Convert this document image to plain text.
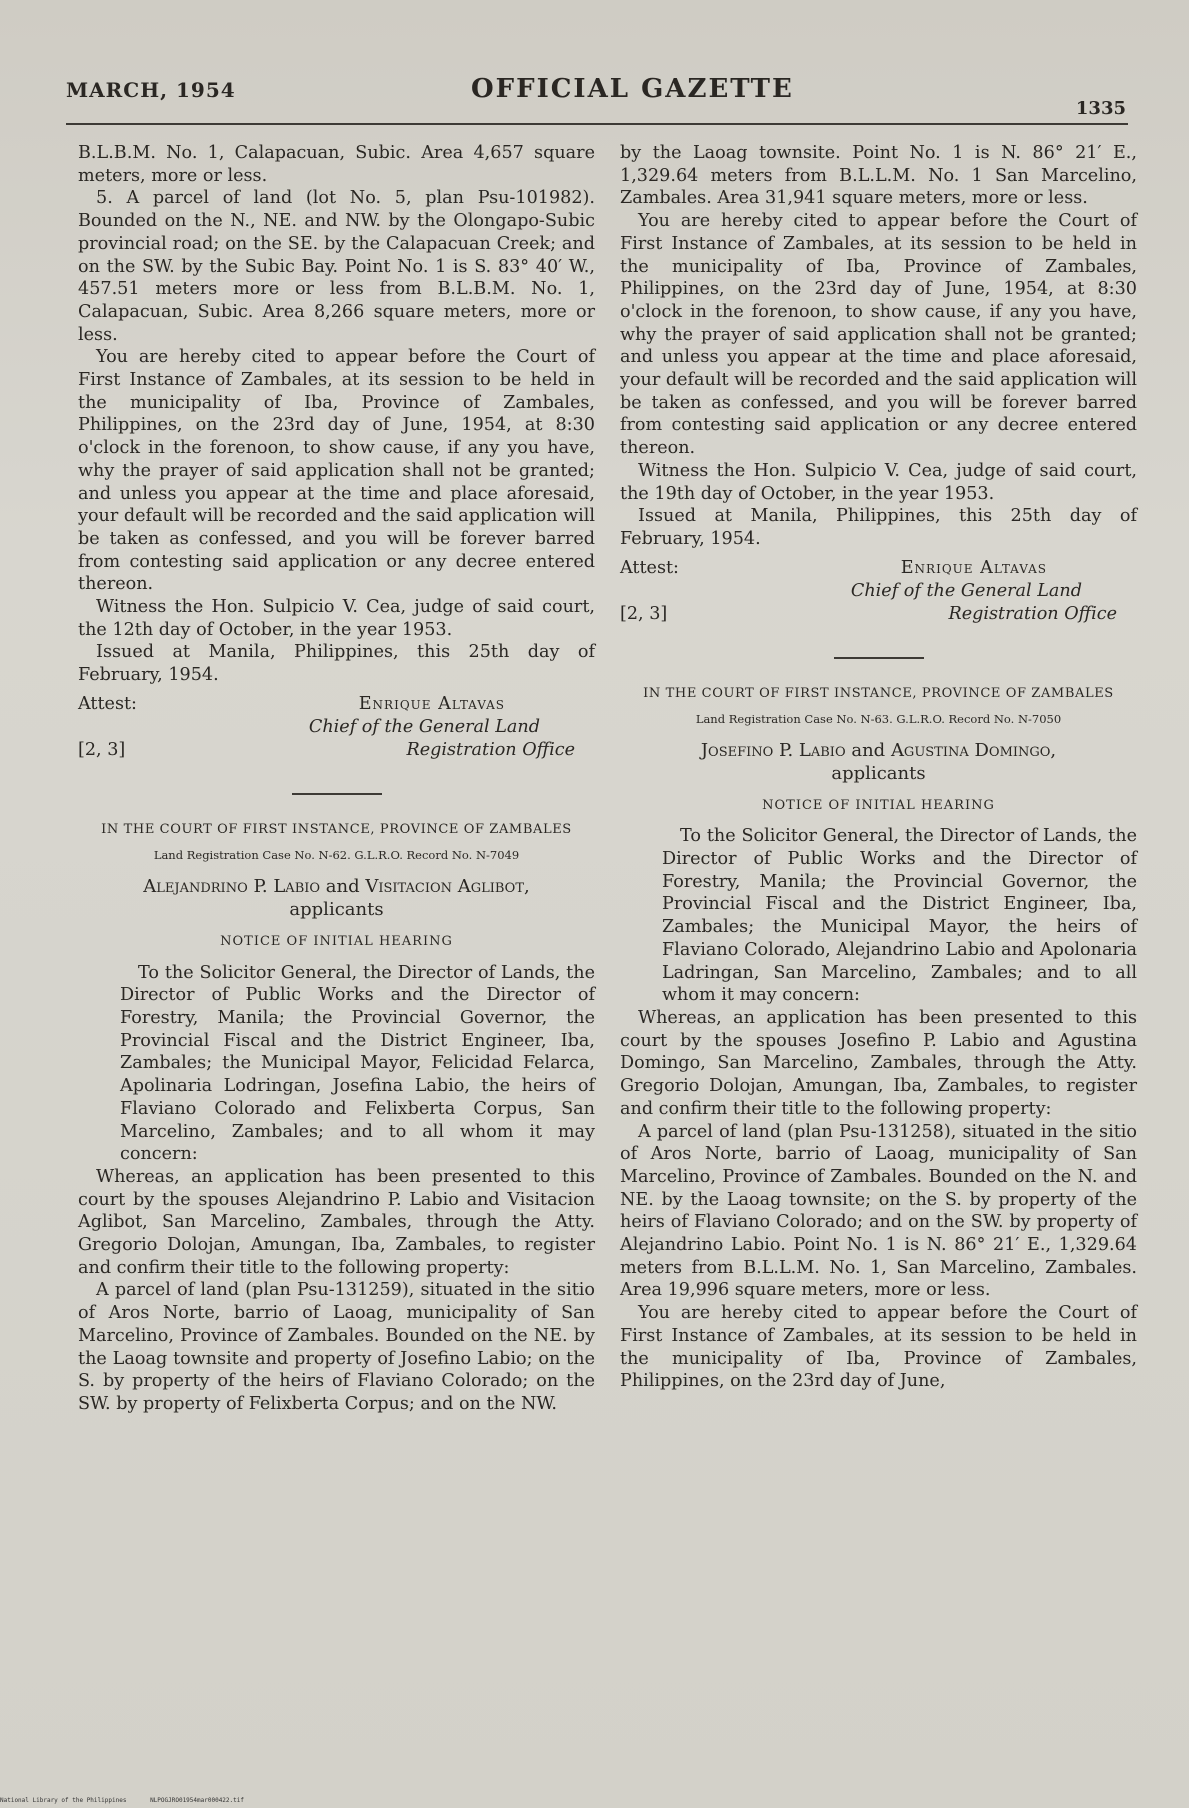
MARCH, 1954	OFFICIAL GAZETTE
1335

B.L.B.M. No. 1, Calapacuan, Subic. Area 4,657 square meters, more or less.

5. A parcel of land (lot No. 5, plan Psu-101982). Bounded on the N., NE. and NW. by the Olongapo-Subic provincial road; on the SE. by the Calapacuan Creek; and on the SW. by the Subic Bay. Point No. 1 is S. 83° 40′ W., 457.51 meters more or less from B.L.B.M. No. 1, Calapacuan, Subic. Area 8,266 square meters, more or less.

You are hereby cited to appear before the Court of First Instance of Zambales, at its session to be held in the municipality of Iba, Province of Zambales, Philippines, on the 23rd day of June, 1954, at 8:30 o'clock in the forenoon, to show cause, if any you have, why the prayer of said application shall not be granted; and unless you appear at the time and place aforesaid, your default will be recorded and the said application will be taken as confessed, and you will be forever barred from contesting said application or any decree entered thereon.

Witness the Hon. Sulpicio V. Cea, judge of said court, the 12th day of October, in the year 1953.

Issued at Manila, Philippines, this 25th day of February, 1954.

Attest:	Enrique Altavas
Chief of the General Land
[2, 3]	Registration Office
IN THE COURT OF FIRST INSTANCE, PROVINCE OF ZAMBALES
Land Registration Case No. N-62. G.L.R.O. Record No. N-7049
Alejandrino P. Labio and Visitacion Aglibot,
applicants
NOTICE OF INITIAL HEARING

To the Solicitor General, the Director of Lands, the Director of Public Works and the Director of Forestry, Manila; the Provincial Governor, the Provincial Fiscal and the District Engineer, Iba, Zambales; the Municipal Mayor, Felicidad Felarca, Apolinaria Lodringan, Josefina Labio, the heirs of Flaviano Colorado and Felixberta Corpus, San Marcelino, Zambales; and to all whom it may concern:

Whereas, an application has been presented to this court by the spouses Alejandrino P. Labio and Visitacion Aglibot, San Marcelino, Zambales, through the Atty. Gregorio Dolojan, Amungan, Iba, Zambales, to register and confirm their title to the following property:

A parcel of land (plan Psu-131259), situated in the sitio of Aros Norte, barrio of Laoag, municipality of San Marcelino, Province of Zambales. Bounded on the NE. by the Laoag townsite and property of Josefino Labio; on the S. by property of the heirs of Flaviano Colorado; on the SW. by property of Felixberta Corpus; and on the NW.

by the Laoag townsite. Point No. 1 is N. 86° 21′ E., 1,329.64 meters from B.L.L.M. No. 1 San Marcelino, Zambales. Area 31,941 square meters, more or less.

You are hereby cited to appear before the Court of First Instance of Zambales, at its session to be held in the municipality of Iba, Province of Zambales, Philippines, on the 23rd day of June, 1954, at 8:30 o'clock in the forenoon, to show cause, if any you have, why the prayer of said application shall not be granted; and unless you appear at the time and place aforesaid, your default will be recorded and the said application will be taken as confessed, and you will be forever barred from contesting said application or any decree entered thereon.

Witness the Hon. Sulpicio V. Cea, judge of said court, the 19th day of October, in the year 1953.

Issued at Manila, Philippines, this 25th day of February, 1954.

Attest:	Enrique Altavas
Chief of the General Land
[2, 3]	Registration Office
IN THE COURT OF FIRST INSTANCE, PROVINCE OF ZAMBALES
Land Registration Case No. N-63. G.L.R.O. Record No. N-7050
Josefino P. Labio and Agustina Domingo,
applicants
NOTICE OF INITIAL HEARING

To the Solicitor General, the Director of Lands, the Director of Public Works and the Director of Forestry, Manila; the Provincial Governor, the Provincial Fiscal and the District Engineer, Iba, Zambales; the Municipal Mayor, the heirs of Flaviano Colorado, Alejandrino Labio and Apolonaria Ladringan, San Marcelino, Zambales; and to all whom it may concern:

Whereas, an application has been presented to this court by the spouses Josefino P. Labio and Agustina Domingo, San Marcelino, Zambales, through the Atty. Gregorio Dolojan, Amungan, Iba, Zambales, to register and confirm their title to the following property:

A parcel of land (plan Psu-131258), situated in the sitio of Aros Norte, barrio of Laoag, municipality of San Marcelino, Province of Zambales. Bounded on the N. and NE. by the Laoag townsite; on the S. by property of the heirs of Flaviano Colorado; and on the SW. by property of Alejandrino Labio. Point No. 1 is N. 86° 21′ E., 1,329.64 meters from B.L.L.M. No. 1, San Marcelino, Zambales. Area 19,996 square meters, more or less.

You are hereby cited to appear before the Court of First Instance of Zambales, at its session to be held in the municipality of Iba, Province of Zambales, Philippines, on the 23rd day of June,

National Library of the Philippines	NLPOGJRO01954mar000422.tif
